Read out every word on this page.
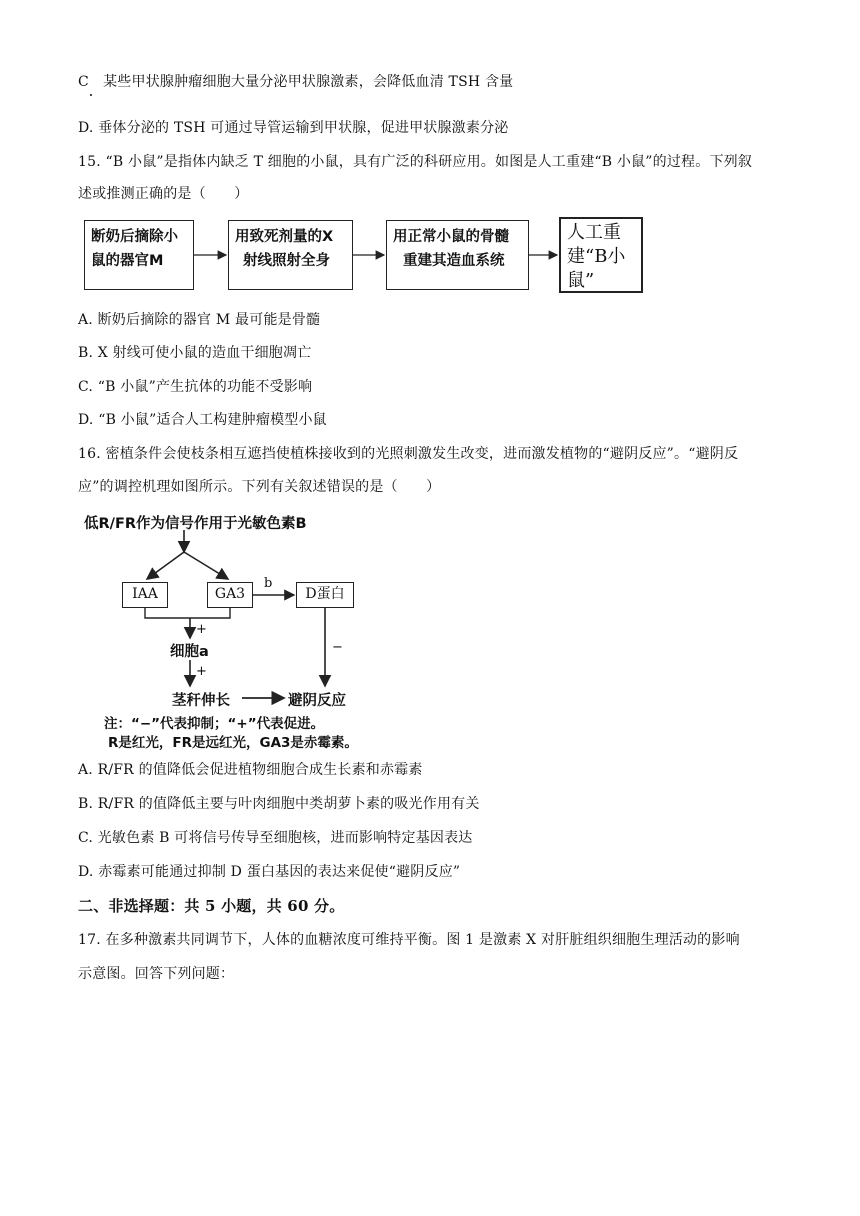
C　某些甲状腺肿瘤细胞大量分泌甲状腺激素，会降低血清 TSH 含量
D. 垂体分泌的 TSH 可通过导管运输到甲状腺，促进甲状腺激素分泌
15. “B 小鼠”是指体内缺乏 T 细胞的小鼠，具有广泛的科研应用。如图是人工重建“B 小鼠”的过程。下列叙
述或推测正确的是（　　）
断奶后摘除小
鼠的器官M
用致死剂量的X
射线照射全身
用正常小鼠的骨髓
重建其造血系统
人工重
建“B小
鼠”
A. 断奶后摘除的器官 M 最可能是骨髓
B. X 射线可使小鼠的造血干细胞凋亡
C. “B 小鼠”产生抗体的功能不受影响
D. “B 小鼠”适合人工构建肿瘤模型小鼠
16. 密植条件会使枝条相互遮挡使植株接收到的光照刺激发生改变，进而激发植物的“避阴反应”。“避阴反
应”的调控机理如图所示。下列有关叙述错误的是（　　）
低R/FR作为信号作用于光敏色素B
IAA	GA3
b
D蛋白
+
细胞a
+
−
茎秆伸长	避阴反应
注：“−”代表抑制；“+”代表促进。
R是红光，FR是远红光，GA3是赤霉素。
A. R/FR 的值降低会促进植物细胞合成生长素和赤霉素
B. R/FR 的值降低主要与叶肉细胞中类胡萝卜素的吸光作用有关
C. 光敏色素 B 可将信号传导至细胞核，进而影响特定基因表达
D. 赤霉素可能通过抑制 D 蛋白基因的表达来促使“避阴反应”
二、非选择题：共 5 小题，共 60 分。
17. 在多种激素共同调节下，人体的血糖浓度可维持平衡。图 1 是激素 X 对肝脏组织细胞生理活动的影响
示意图。回答下列问题：
